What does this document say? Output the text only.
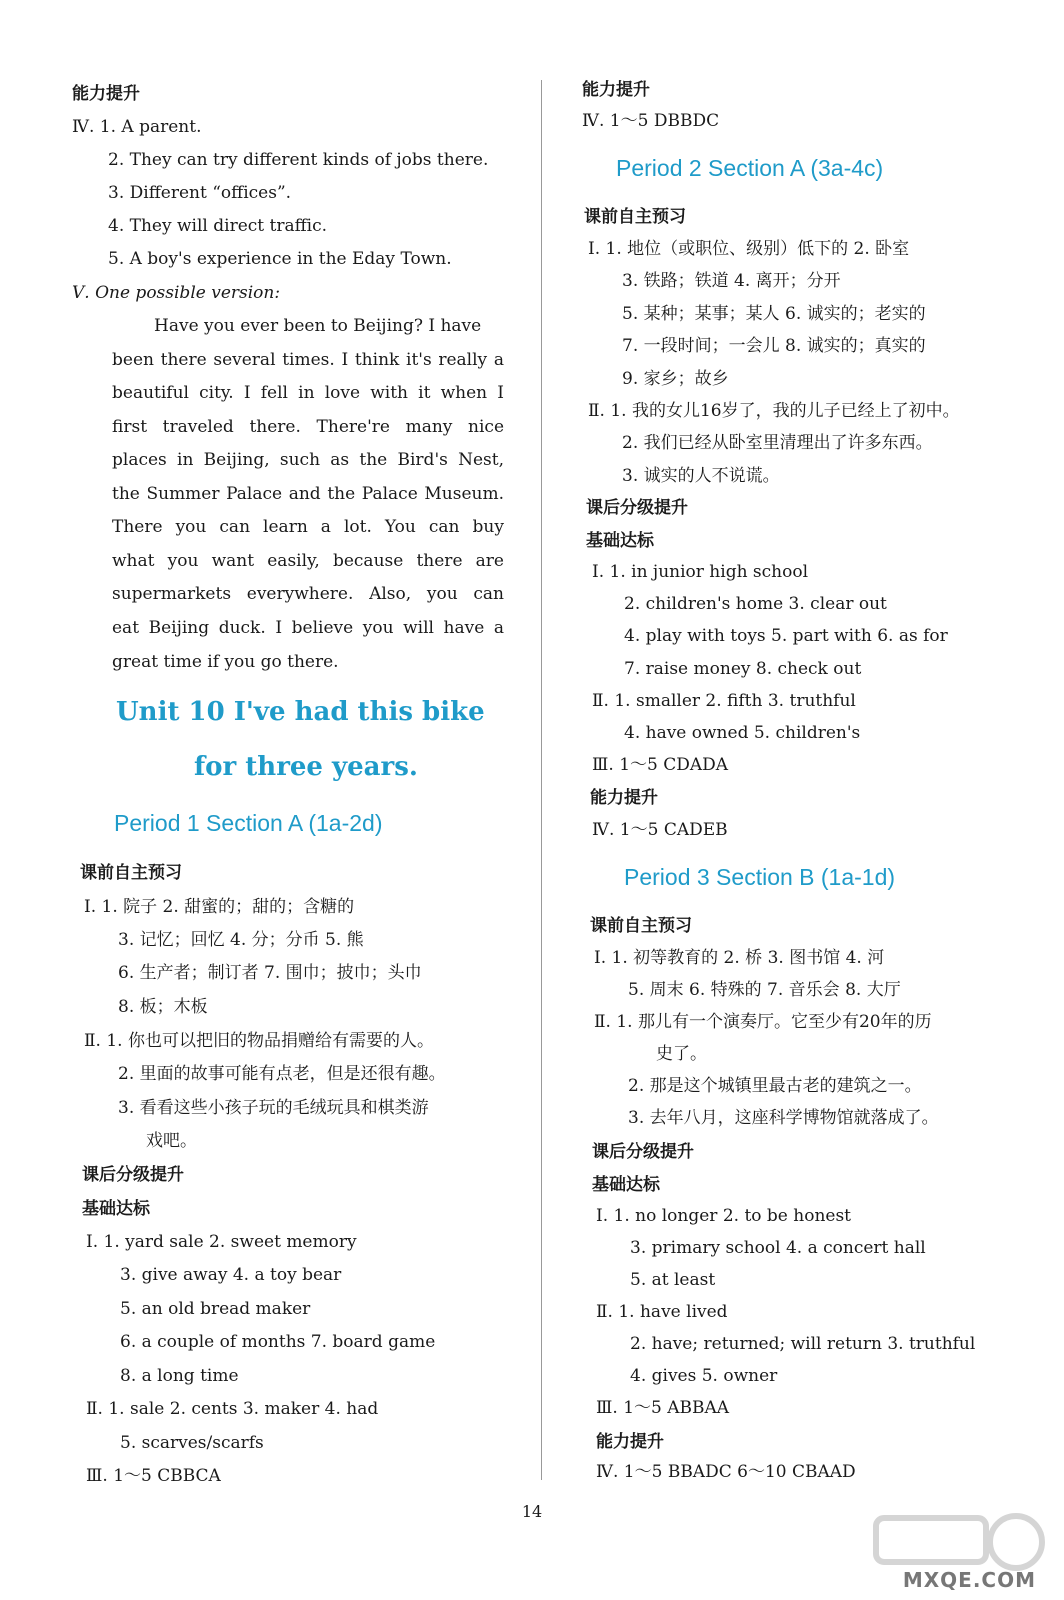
能力提升
Ⅳ. 1. A parent.
2. They can try different kinds of jobs there.
3. Different “offices”.
4. They will direct traffic.
5. A boy's experience in the Eday Town.
Ⅴ. One possible version:
Have you ever been to Beijing? I have
been there several times. I think it's really a
beautiful city. I fell in love with it when I
first traveled there. There're many nice
places in Beijing, such as the Bird's Nest,
the Summer Palace and the Palace Museum.
There you can learn a lot. You can buy
what you want easily, because there are
supermarkets everywhere. Also, you can
eat Beijing duck. I believe you will have a
great time if you go there.
Unit 10 I've had this bike
for three years.
Period 1 Section A (1a-2d)
课前自主预习
Ⅰ. 1. 院子 2. 甜蜜的；甜的；含糖的
3. 记忆；回忆 4. 分；分币 5. 熊
6. 生产者；制订者 7. 围巾；披巾；头巾
8. 板；木板
Ⅱ. 1. 你也可以把旧的物品捐赠给有需要的人。
2. 里面的故事可能有点老，但是还很有趣。
3. 看看这些小孩子玩的毛绒玩具和棋类游
戏吧。
课后分级提升
基础达标
Ⅰ. 1. yard sale 2. sweet memory
3. give away 4. a toy bear
5. an old bread maker
6. a couple of months 7. board game
8. a long time
Ⅱ. 1. sale 2. cents 3. maker 4. had
5. scarves/scarfs
Ⅲ. 1～5 CBBCA
能力提升
Ⅳ. 1～5 DBBDC
Period 2 Section A (3a-4c)
课前自主预习
Ⅰ. 1. 地位（或职位、级别）低下的 2. 卧室
3. 铁路；铁道 4. 离开；分开
5. 某种；某事；某人 6. 诚实的；老实的
7. 一段时间；一会儿 8. 诚实的；真实的
9. 家乡；故乡
Ⅱ. 1. 我的女儿16岁了，我的儿子已经上了初中。
2. 我们已经从卧室里清理出了许多东西。
3. 诚实的人不说谎。
课后分级提升
基础达标
Ⅰ. 1. in junior high school
2. children's home 3. clear out
4. play with toys 5. part with 6. as for
7. raise money 8. check out
Ⅱ. 1. smaller 2. fifth 3. truthful
4. have owned 5. children's
Ⅲ. 1～5 CDADA
能力提升
Ⅳ. 1～5 CADEB
Period 3 Section B (1a-1d)
课前自主预习
Ⅰ. 1. 初等教育的 2. 桥 3. 图书馆 4. 河
5. 周末 6. 特殊的 7. 音乐会 8. 大厅
Ⅱ. 1. 那儿有一个演奏厅。它至少有20年的历
史了。
2. 那是这个城镇里最古老的建筑之一。
3. 去年八月，这座科学博物馆就落成了。
课后分级提升
基础达标
Ⅰ. 1. no longer 2. to be honest
3. primary school 4. a concert hall
5. at least
Ⅱ. 1. have lived
2. have; returned; will return 3. truthful
4. gives 5. owner
Ⅲ. 1～5 ABBAA
能力提升
Ⅳ. 1～5 BBADC 6～10 CBAAD
14
MXQE.COM
